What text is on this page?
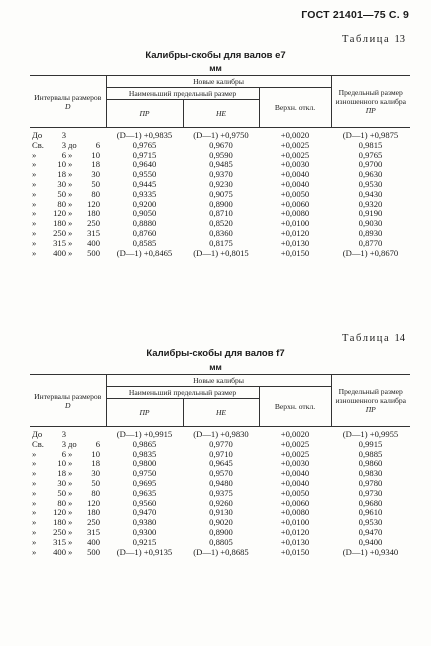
ГОСТ 21401—75 С. 9
Таблица 13
Калибры-скобы для валов е7
мм
Интервалы размеров
D	Новые калибры			Предельный размер изношенного калибра
ПР
	Наименьший предельный размер		Верхн. откл.	
	ПР	НЕ		

До 3	(D—1) +0,9835	(D—1) +0,9750	+0,0020	(D—1) +0,9875

Св. 3 до 6	0,9765	0,9670	+0,0025	0,9815

» 6 » 10	0,9715	0,9590	+0,0025	0,9765

» 10 » 18	0,9640	0,9485	+0,0030	0,9700

» 18 » 30	0,9550	0,9370	+0,0040	0,9630

» 30 » 50	0,9445	0,9230	+0,0040	0,9530

» 50 » 80	0,9335	0,9075	+0,0050	0,9430

» 80 » 120	0,9200	0,8900	+0,0060	0,9320

» 120 » 180	0,9050	0,8710	+0,0080	0,9190

» 180 » 250	0,8880	0,8520	+0,0100	0,9030

» 250 » 315	0,8760	0,8360	+0,0120	0,8930

» 315 » 400	0,8585	0,8175	+0,0130	0,8770

» 400 » 500	(D—1) +0,8465	(D—1) +0,8015	+0,0150	(D—1) +0,8670
Таблица 14
Калибры-скобы для валов f7
мм
Интервалы размеров
D	Новые калибры			Предельный размер изношенного калибра
ПР
	Наименьший предельный размер		Верхн. откл.	
	ПР	НЕ		

До 3	(D—1) +0,9915	(D—1) +0,9830	+0,0020	(D—1) +0,9955

Св. 3 до 6	0,9865	0,9770	+0,0025	0,9915

» 6 » 10	0,9835	0,9710	+0,0025	0,9885

» 10 » 18	0,9800	0,9645	+0,0030	0,9860

» 18 » 30	0,9750	0,9570	+0,0040	0,9830

» 30 » 50	0,9695	0,9480	+0,0040	0,9780

» 50 » 80	0,9635	0,9375	+0,0050	0,9730

» 80 » 120	0,9560	0,9260	+0,0060	0,9680

» 120 » 180	0,9470	0,9130	+0,0080	0,9610

» 180 » 250	0,9380	0,9020	+0,0100	0,9530

» 250 » 315	0,9300	0,8900	+0,0120	0,9470

» 315 » 400	0,9215	0,8805	+0,0130	0,9400

» 400 » 500	(D—1) +0,9135	(D—1) +0,8685	+0,0150	(D—1) +0,9340
